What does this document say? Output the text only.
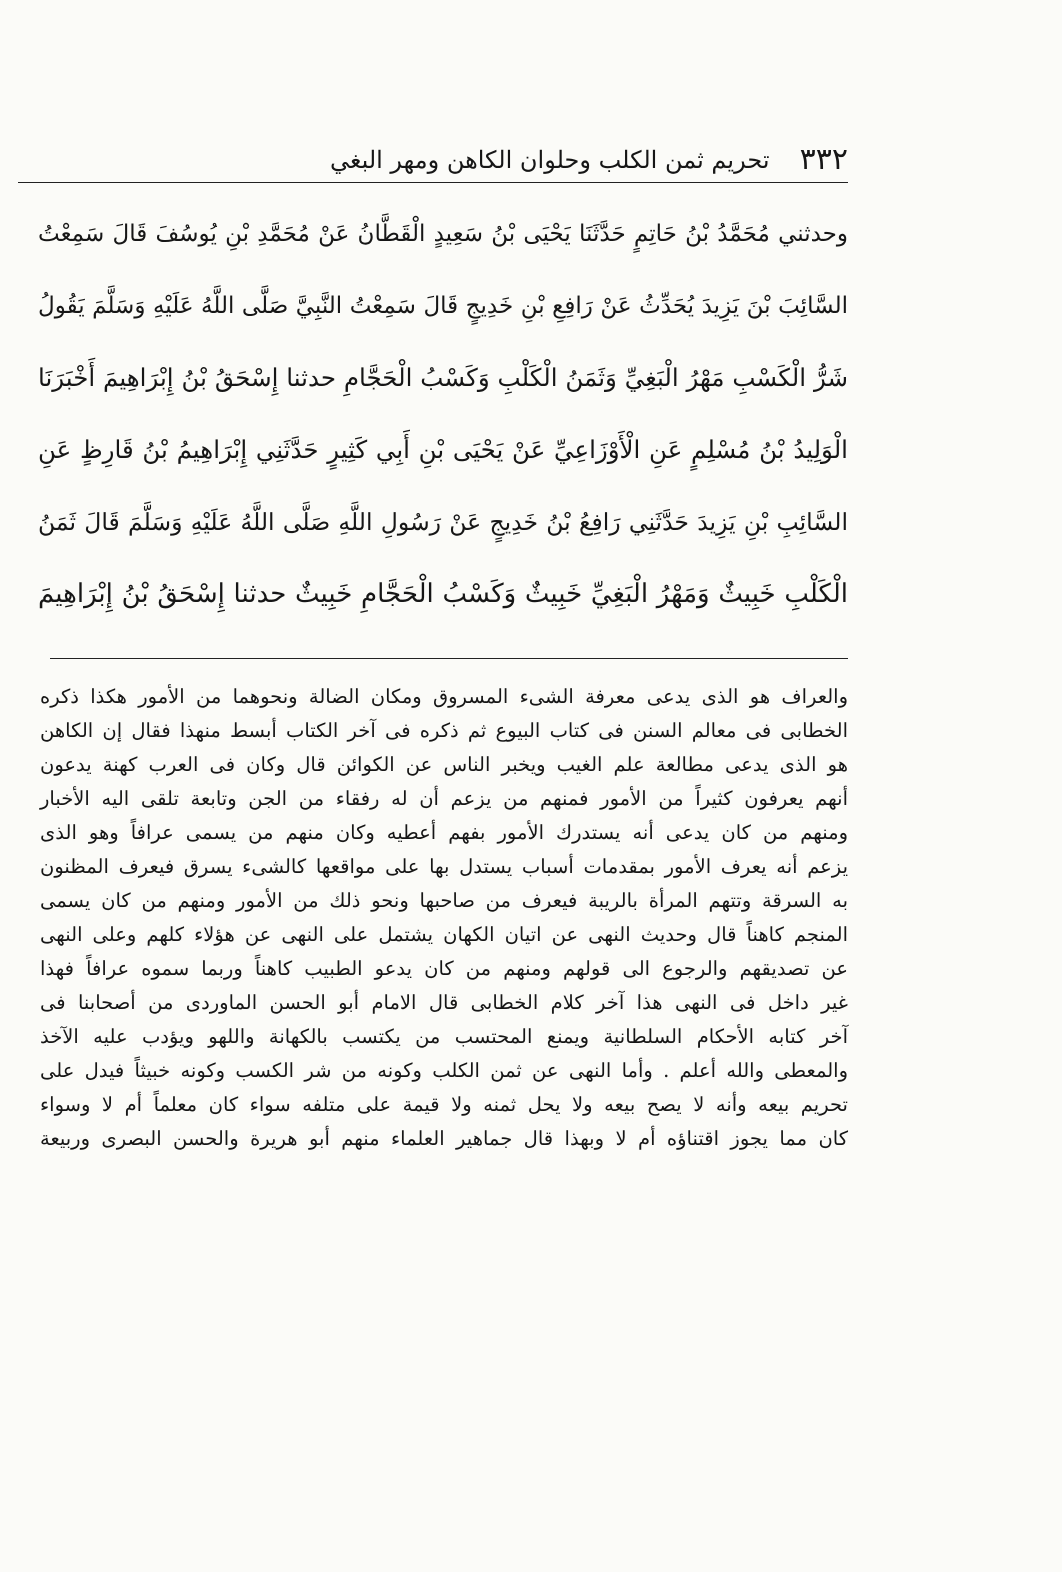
٣٣٢
تحريم ثمن الكلب وحلوان الكاهن ومهر البغي
وحدثني مُحَمَّدُ بْنُ حَاتِمٍ حَدَّثَنَا يَحْيَى بْنُ سَعِيدٍ الْقَطَّانُ عَنْ مُحَمَّدِ بْنِ يُوسُفَ قَالَ سَمِعْتُ
السَّائِبَ بْنَ يَزِيدَ يُحَدِّثُ عَنْ رَافِعِ بْنِ خَدِيجٍ قَالَ سَمِعْتُ النَّبِيَّ صَلَّى اللَّهُ عَلَيْهِ وَسَلَّمَ يَقُولُ
شَرُّ الْكَسْبِ مَهْرُ الْبَغِيِّ وَثَمَنُ الْكَلْبِ وَكَسْبُ الْحَجَّامِ حدثنا إِسْحَقُ بْنُ إِبْرَاهِيمَ أَخْبَرَنَا
الْوَلِيدُ بْنُ مُسْلِمٍ عَنِ الْأَوْزَاعِيِّ عَنْ يَحْيَى بْنِ أَبِي كَثِيرٍ حَدَّثَنِي إِبْرَاهِيمُ بْنُ قَارِظٍ عَنِ
السَّائِبِ بْنِ يَزِيدَ حَدَّثَنِي رَافِعُ بْنُ خَدِيجٍ عَنْ رَسُولِ اللَّهِ صَلَّى اللَّهُ عَلَيْهِ وَسَلَّمَ قَالَ ثَمَنُ
الْكَلْبِ خَبِيثٌ وَمَهْرُ الْبَغِيِّ خَبِيثٌ وَكَسْبُ الْحَجَّامِ خَبِيثٌ حدثنا إِسْحَقُ بْنُ إِبْرَاهِيمَ
والعراف هو الذى يدعى معرفة الشىء المسروق ومكان الضالة ونحوهما من الأمور هكذا ذكره
الخطابى فى معالم السنن فى كتاب البيوع ثم ذكره فى آخر الكتاب أبسط منهذا فقال إن الكاهن
هو الذى يدعى مطالعة علم الغيب ويخبر الناس عن الكوائن قال وكان فى العرب كهنة يدعون
أنهم يعرفون كثيراً من الأمور فمنهم من يزعم أن له رفقاء من الجن وتابعة تلقى اليه الأخبار
ومنهم من كان يدعى أنه يستدرك الأمور بفهم أعطيه وكان منهم من يسمى عرافاً وهو الذى
يزعم أنه يعرف الأمور بمقدمات أسباب يستدل بها على مواقعها كالشىء يسرق فيعرف المظنون
به السرقة وتتهم المرأة بالريبة فيعرف من صاحبها ونحو ذلك من الأمور ومنهم من كان يسمى
المنجم كاهناً قال وحديث النهى عن اتيان الكهان يشتمل على النهى عن هؤلاء كلهم وعلى النهى
عن تصديقهم والرجوع الى قولهم ومنهم من كان يدعو الطبيب كاهناً وربما سموه عرافاً فهذا
غير داخل فى النهى هذا آخر كلام الخطابى قال الامام أبو الحسن الماوردى من أصحابنا فى
آخر كتابه الأحكام السلطانية ويمنع المحتسب من يكتسب بالكهانة واللهو ويؤدب عليه الآخذ
والمعطى والله أعلم . وأما النهى عن ثمن الكلب وكونه من شر الكسب وكونه خبيثاً فيدل على
تحريم بيعه وأنه لا يصح بيعه ولا يحل ثمنه ولا قيمة على متلفه سواء كان معلماً أم لا وسواء
كان مما يجوز اقتناؤه أم لا وبهذا قال جماهير العلماء منهم أبو هريرة والحسن البصرى وربيعة
